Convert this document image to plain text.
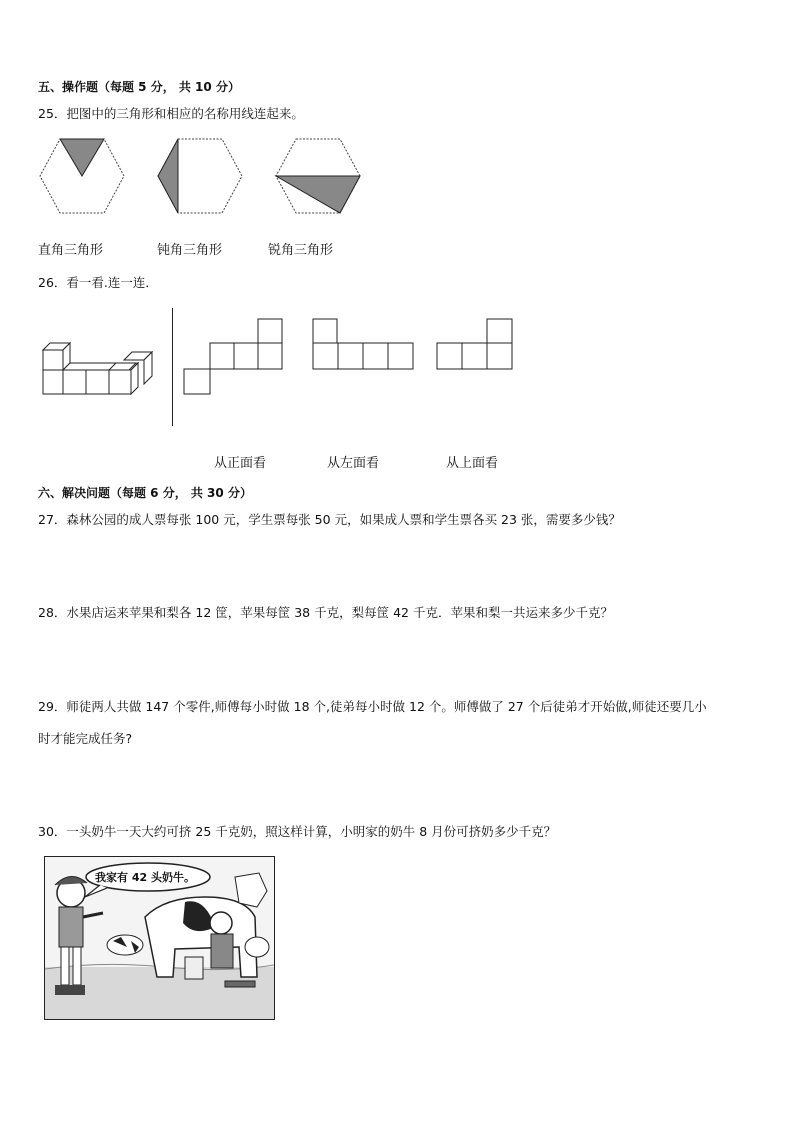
五、操作题（每题 5 分， 共 10 分）
25．把图中的三角形和相应的名称用线连起来。
直角三角形	钝角三角形	锐角三角形
26．看一看.连一连．
从正面看	从左面看	从上面看
六、解决问题（每题 6 分， 共 30 分）
27．森林公园的成人票每张 100 元，学生票每张 50 元，如果成人票和学生票各买 23 张，需要多少钱？
28．水果店运来苹果和梨各 12 筐，苹果每筐 38 千克，梨每筐 42 千克．苹果和梨一共运来多少千克？
29．师徒两人共做 147 个零件,师傅每小时做 18 个,徒弟每小时做 12 个。师傅做了 27 个后徒弟才开始做,师徒还要几小
时才能完成任务?
30．一头奶牛一天大约可挤 25 千克奶，照这样计算，小明家的奶牛 8 月份可挤奶多少千克？
我家有 42 头奶牛。
